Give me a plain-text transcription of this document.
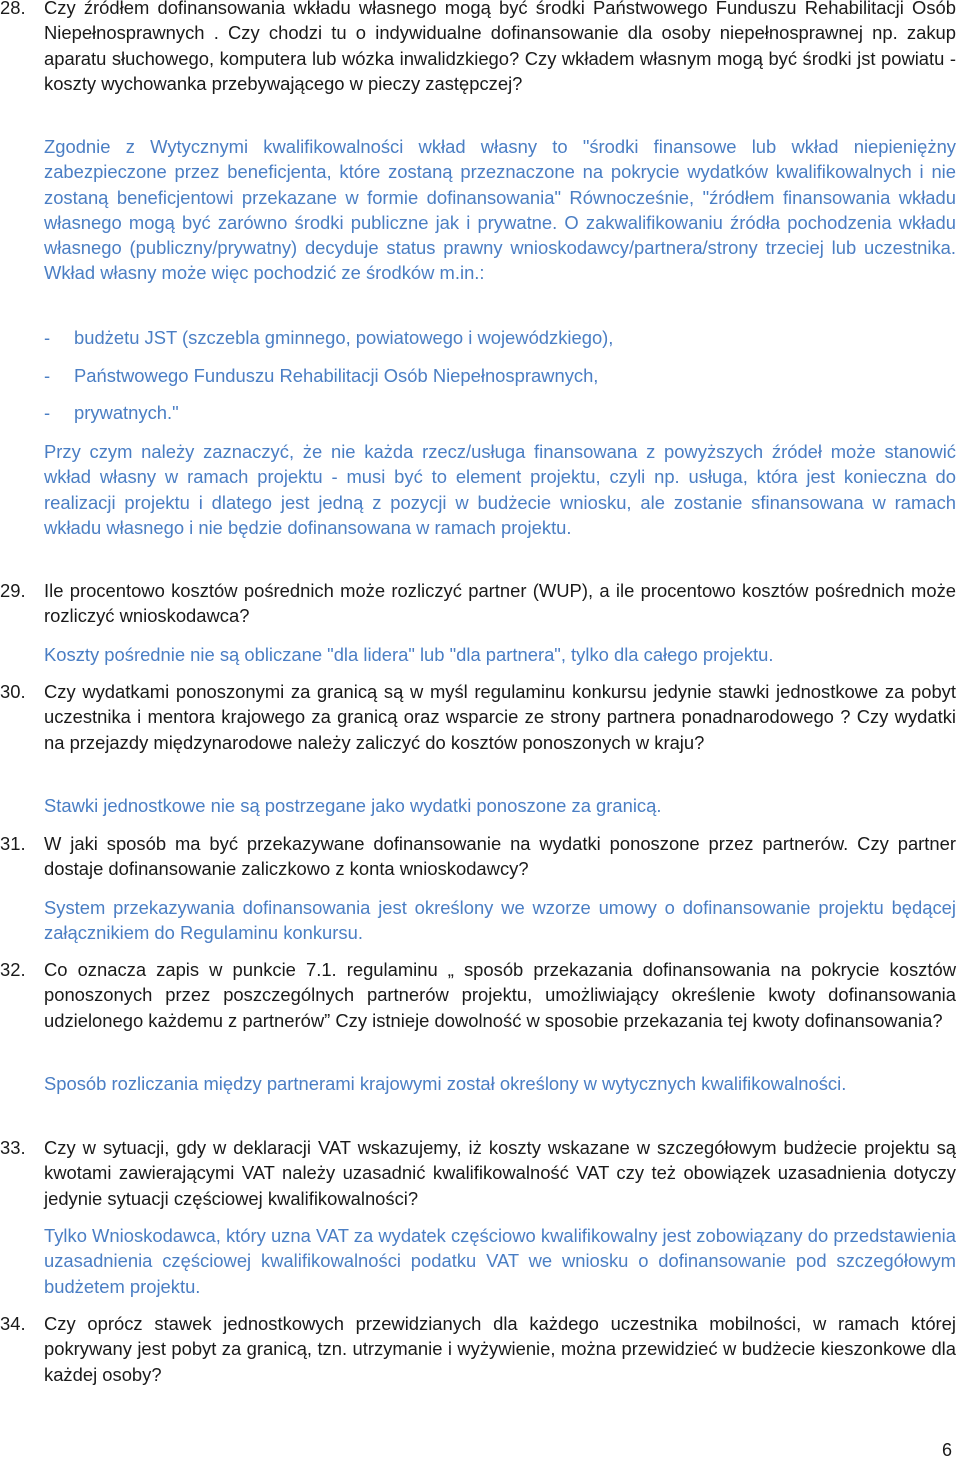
28. Czy źródłem dofinansowania wkładu własnego mogą być środki Państwowego Funduszu Rehabilitacji Osób Niepełnosprawnych . Czy chodzi tu o indywidualne dofinansowanie dla osoby niepełnosprawnej np. zakup aparatu słuchowego, komputera lub wózka inwalidzkiego? Czy wkładem własnym mogą być środki jst powiatu - koszty wychowanka przebywającego w pieczy zastępczej?
Zgodnie z Wytycznymi kwalifikowalności wkład własny to "środki finansowe lub wkład niepieniężny zabezpieczone przez beneficjenta, które zostaną przeznaczone na pokrycie wydatków kwalifikowalnych i nie zostaną beneficjentowi przekazane w formie dofinansowania" Równocześnie, "źródłem finansowania wkładu własnego mogą być zarówno środki publiczne jak i prywatne. O zakwalifikowaniu źródła pochodzenia wkładu własnego (publiczny/prywatny) decyduje status prawny wnioskodawcy/partnera/strony trzeciej lub uczestnika. Wkład własny może więc pochodzić ze środków m.in.:
- budżetu JST (szczebla gminnego, powiatowego i wojewódzkiego),
- Państwowego Funduszu Rehabilitacji Osób Niepełnosprawnych,
- prywatnych."
Przy czym należy zaznaczyć, że nie każda rzecz/usługa finansowana z powyższych źródeł może stanowić wkład własny w ramach projektu - musi być to element projektu, czyli np. usługa, która jest konieczna do realizacji projektu i dlatego jest jedną z pozycji w budżecie wniosku, ale zostanie sfinansowana w ramach wkładu własnego i nie będzie dofinansowana w ramach projektu.
29. Ile procentowo kosztów pośrednich może rozliczyć partner (WUP), a ile procentowo kosztów pośrednich może rozliczyć wnioskodawca?
Koszty pośrednie nie są obliczane "dla lidera" lub "dla partnera", tylko dla całego projektu.
30. Czy wydatkami ponoszonymi za granicą są w myśl regulaminu konkursu jedynie stawki jednostkowe za pobyt uczestnika i mentora krajowego za granicą oraz wsparcie ze strony partnera ponadnarodowego ? Czy wydatki na przejazdy międzynarodowe należy zaliczyć do kosztów ponoszonych w kraju?
Stawki jednostkowe nie są postrzegane jako wydatki ponoszone za granicą.
31. W jaki sposób ma być przekazywane dofinansowanie na wydatki ponoszone przez partnerów. Czy partner dostaje dofinansowanie zaliczkowo z konta wnioskodawcy?
System przekazywania dofinansowania jest określony we wzorze umowy o dofinansowanie projektu będącej załącznikiem do Regulaminu konkursu.
32. Co oznacza zapis w punkcie 7.1. regulaminu „ sposób przekazania dofinansowania na pokrycie kosztów ponoszonych przez poszczególnych partnerów projektu, umożliwiający określenie kwoty dofinansowania udzielonego każdemu z partnerów” Czy istnieje dowolność w sposobie przekazania tej kwoty dofinansowania?
Sposób rozliczania między partnerami krajowymi został określony w wytycznych kwalifikowalności.
33. Czy w sytuacji, gdy w deklaracji VAT wskazujemy, iż koszty wskazane w szczegółowym budżecie projektu są kwotami zawierającymi VAT należy uzasadnić kwalifikowalność VAT czy też obowiązek uzasadnienia dotyczy jedynie sytuacji częściowej kwalifikowalności?
Tylko Wnioskodawca, który uzna VAT za wydatek częściowo kwalifikowalny jest zobowiązany do przedstawienia uzasadnienia częściowej kwalifikowalności podatku VAT we wniosku o dofinansowanie pod szczegółowym budżetem projektu.
34. Czy oprócz stawek jednostkowych przewidzianych dla każdego uczestnika mobilności, w ramach której pokrywany jest pobyt za granicą, tzn. utrzymanie i wyżywienie, można przewidzieć w budżecie kieszonkowe dla każdej osoby?
6
